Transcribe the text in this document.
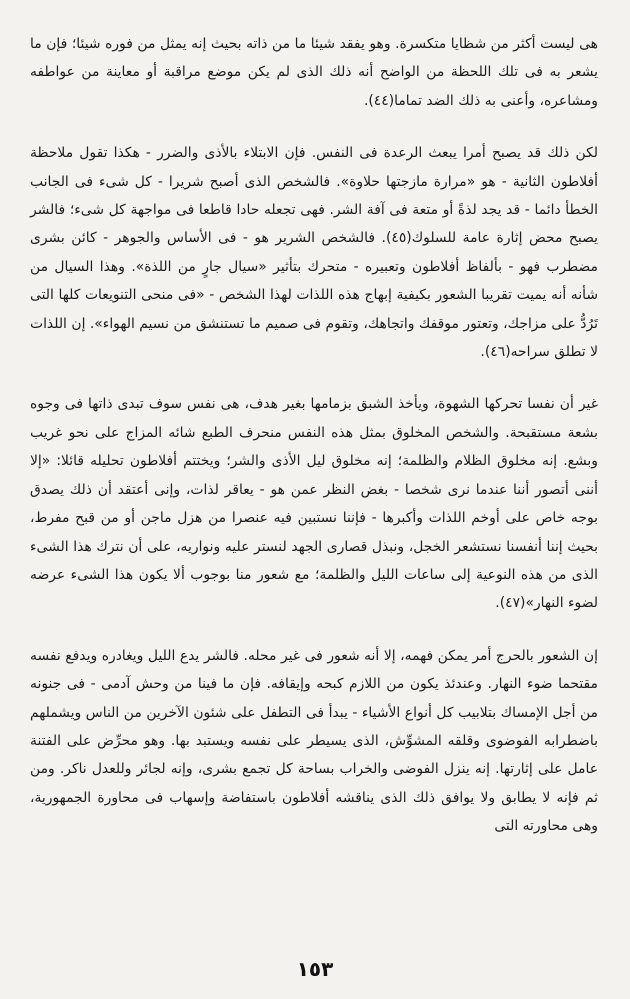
هى ليست أكثر من شظايا متكسرة. وهو يفقد شيئا ما من ذاته بحيث إنه يمثل من فوره شيئا؛ فإن ما يشعر به فى تلك اللحظة من الواضح أنه ذلك الذى لم يكن موضع مراقبة أو معاينة من عواطفه ومشاعره، وأعنى به ذلك الضد تماما(٤٤).

لكن ذلك قد يصبح أمرا يبعث الرعدة فى النفس. فإن الابتلاء بالأذى والضرر - هكذا تقول ملاحظة أفلاطون الثانية - هو «مرارة مازجتها حلاوة». فالشخص الذى أصبح شريرا - كل شىء فى الجانب الخطأ دائما - قد يجد لذةً أو متعة فى آفة الشر. فهى تجعله حادا قاطعا فى مواجهة كل شىء؛ فالشر يصبح محض إثارة عامة للسلوك(٤٥). فالشخص الشرير هو - فى الأساس والجوهر - كائن بشرى مضطرب فهو - بألفاظ أفلاطون وتعبيره - متحرك بتأثير «سيال جارٍ من اللذة». وهذا السيال من شأنه أنه يميت تقريبا الشعور بكيفية إبهاج هذه اللذات لهذا الشخص - «فى منحى التنويعات كلها التى تَرُدُّ على مزاجك، وتعتور موقفك واتجاهك، وتقوم فى صميم ما تستنشق من نسيم الهواء». إن اللذات لا تطلق سراحه(٤٦).

غير أن نفسا تحركها الشهوة، ويأخذ الشبق بزمامها بغير هدف، هى نفس سوف تبدى ذاتها فى وجوه بشعة مستقبحة. والشخص المخلوق بمثل هذه النفس منحرف الطبع شائه المزاج على نحو غريب وبشع. إنه مخلوق الظلام والظلمة؛ إنه مخلوق ليل الأذى والشر؛ ويختتم أفلاطون تحليله قائلا: «إلا أننى أتصور أننا عندما نرى شخصا - بغض النظر عمن هو - يعاقر لذات، وإنى أعتقد أن ذلك يصدق بوجه خاص على أوخم اللذات وأكبرها - فإننا نستبين فيه عنصرا من هزل ماجن أو من قبح مفرط، بحيث إننا أنفسنا نستشعر الخجل، ونبذل قصارى الجهد لنستر عليه ونواريه، على أن نترك هذا الشىء الذى من هذه النوعية إلى ساعات الليل والظلمة؛ مع شعور منا بوجوب ألا يكون هذا الشىء عرضه لضوء النهار»(٤٧).

إن الشعور بالحرج أمر يمكن فهمه، إلا أنه شعور فى غير محله. فالشر يدع الليل ويغادره ويدفع نفسه مقتحما ضوء النهار. وعندئذ يكون من اللازم كبحه وإيقافه. فإن ما فينا من وحش آدمى - فى جنونه من أجل الإمساك بتلابيب كل أنواع الأشياء - يبدأ فى التطفل على شئون الآخرين من الناس ويشملهم باضطرابه الفوضوى وقلقه المشوِّش، الذى يسيطر على نفسه ويستبد بها. وهو محرِّض على الفتنة عامل على إثارتها. إنه ينزل الفوضى والخراب بساحة كل تجمع بشرى، وإنه لجائر وللعدل ناكر. ومن ثم فإنه لا يطابق ولا يوافق ذلك الذى يناقشه أفلاطون باستفاضة وإسهاب فى محاورة الجمهورية، وهى محاورته التى

١٥٣
